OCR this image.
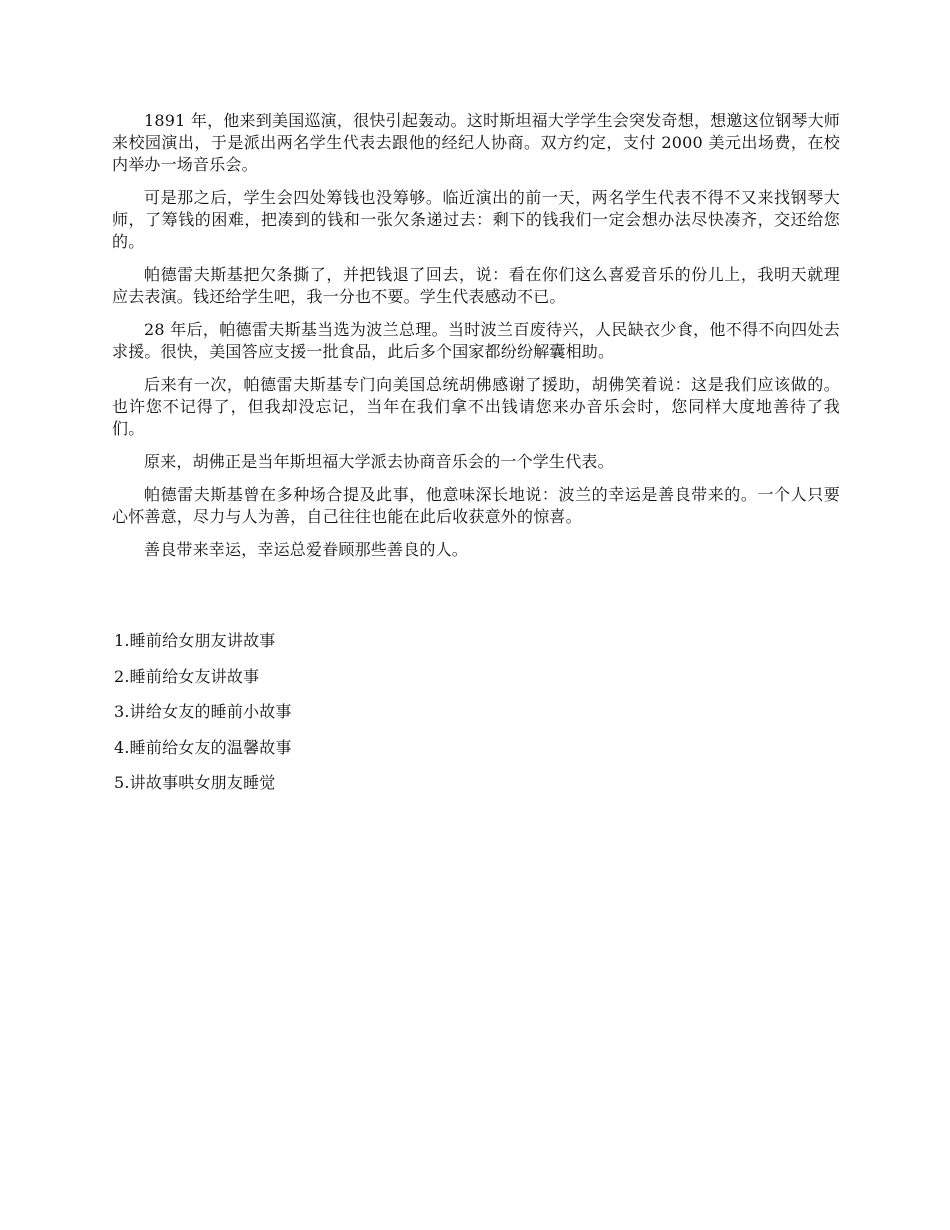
1891 年，他来到美国巡演，很快引起轰动。这时斯坦福大学学生会突发奇想，想邀这位钢琴大师来校园演出，于是派出两名学生代表去跟他的经纪人协商。双方约定，支付 2000 美元出场费，在校内举办一场音乐会。

可是那之后，学生会四处筹钱也没筹够。临近演出的前一天，两名学生代表不得不又来找钢琴大师，了筹钱的困难，把凑到的钱和一张欠条递过去：剩下的钱我们一定会想办法尽快凑齐，交还给您的。

帕德雷夫斯基把欠条撕了，并把钱退了回去，说：看在你们这么喜爱音乐的份儿上，我明天就理应去表演。钱还给学生吧，我一分也不要。学生代表感动不已。

28 年后，帕德雷夫斯基当选为波兰总理。当时波兰百废待兴，人民缺衣少食，他不得不向四处去求援。很快，美国答应支援一批食品，此后多个国家都纷纷解囊相助。

后来有一次，帕德雷夫斯基专门向美国总统胡佛感谢了援助，胡佛笑着说：这是我们应该做的。也许您不记得了，但我却没忘记，当年在我们拿不出钱请您来办音乐会时，您同样大度地善待了我们。

原来，胡佛正是当年斯坦福大学派去协商音乐会的一个学生代表。

帕德雷夫斯基曾在多种场合提及此事，他意味深长地说：波兰的幸运是善良带来的。一个人只要心怀善意，尽力与人为善，自己往往也能在此后收获意外的惊喜。

善良带来幸运，幸运总爱眷顾那些善良的人。

1.睡前给女朋友讲故事
2.睡前给女友讲故事
3.讲给女友的睡前小故事
4.睡前给女友的温馨故事
5.讲故事哄女朋友睡觉
